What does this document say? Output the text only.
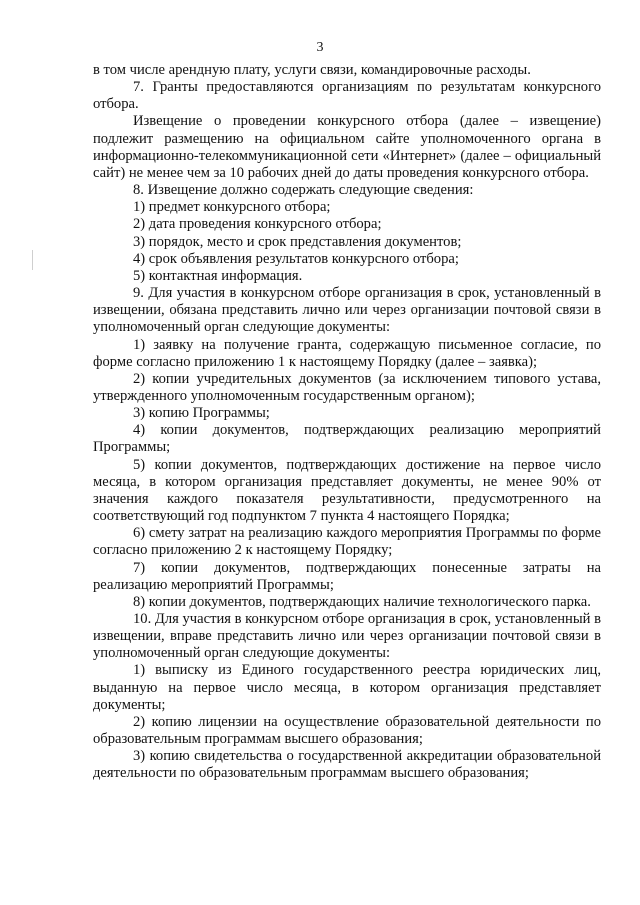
3

в том числе арендную плату, услуги связи, командировочные расходы.

7. Гранты предоставляются организациям по результатам конкурсного отбора.

Извещение о проведении конкурсного отбора (далее – извещение) подлежит размещению на официальном сайте уполномоченного органа в информационно-телекоммуникационной сети «Интернет» (далее – официальный сайт) не менее чем за 10 рабочих дней до даты проведения конкурсного отбора.

8. Извещение должно содержать следующие сведения:

1) предмет конкурсного отбора;

2) дата проведения конкурсного отбора;

3) порядок, место и срок представления документов;

4) срок объявления результатов конкурсного отбора;

5) контактная информация.

9. Для участия в конкурсном отборе организация в срок, установленный в извещении, обязана представить лично или через организации почтовой связи в уполномоченный орган следующие документы:

1) заявку на получение гранта, содержащую письменное согласие, по форме согласно приложению 1 к настоящему Порядку (далее – заявка);

2) копии учредительных документов (за исключением типового устава, утвержденного уполномоченным государственным органом);

3) копию Программы;

4) копии документов, подтверждающих реализацию мероприятий Программы;

5) копии документов, подтверждающих достижение на первое число месяца, в котором организация представляет документы, не менее 90% от значения каждого показателя результативности, предусмотренного на соответствующий год подпунктом 7 пункта 4 настоящего Порядка;

6) смету затрат на реализацию каждого мероприятия Программы по форме согласно приложению 2 к настоящему Порядку;

7) копии документов, подтверждающих понесенные затраты на реализацию мероприятий Программы;

8) копии документов, подтверждающих наличие технологического парка.

10. Для участия в конкурсном отборе организация в срок, установленный в извещении, вправе представить лично или через организации почтовой связи в уполномоченный орган следующие документы:

1) выписку из Единого государственного реестра юридических лиц, выданную на первое число месяца, в котором организация представляет документы;

2) копию лицензии на осуществление образовательной деятельности по образовательным программам высшего образования;

3) копию свидетельства о государственной аккредитации образовательной деятельности по образовательным программам высшего образования;
